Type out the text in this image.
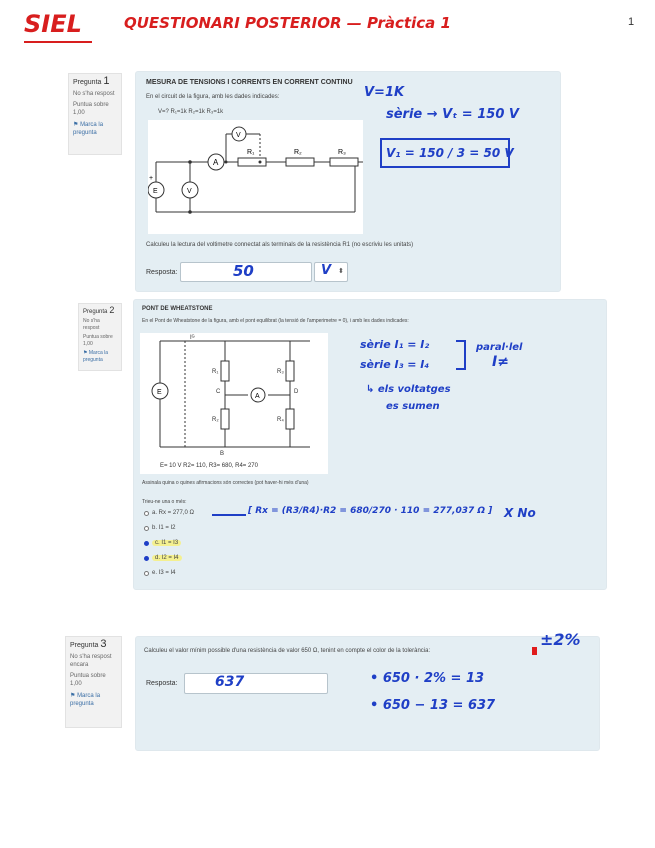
SIEL	QUESTIONARI POSTERIOR — Pràctica 1	1
Pregunta 1
No s'ha respost
Puntua sobre 1,00
⚑ Marca la pregunta
MESURA DE TENSIONS I CORRENTS EN CORRENT CONTINU
En el circuit de la figura, amb les dades indicades:
V=? R₁=1k R₂=1k R₃=1k
A
V
V
E
+
R₁	R₂	R₃
Calculeu la lectura del voltimetre connectat als terminals de la resistència R1 (no escriviu les unitats)
Resposta:	50	V ⬍
V=1K
sèrie → Vₜ = 150 V
V₁ = 150 / 3 = 50 V
Pregunta 2
No s'ha respost
Puntua sobre 1,00
⚑ Marca la pregunta
PONT DE WHEATSTONE
En el Pont de Wheatstone de la figura, amb el pont equilibrat (la tensió de l'amperimetre = 0), i amb les dades indicades:
A
E
Iᴳ
R₁
R₂
R₃
R₄
B
C	D
E= 10 V R2= 110, R3= 680, R4= 270
Assinala quina o quines afirmacions són correctes (pot haver-hi més d'una)
Trieu-ne una o més:
a. Rx = 277,0 Ω
b. I1 = I2
c. I1 = I3
d. I2 = I4
e. I3 = I4
sèrie I₁ = I₂
sèrie I₃ = I₄
paral·lel
I≠
↳ els voltatges
es sumen
[ Rx = (R3/R4)·R2 = 680/270 · 110 = 277,037 Ω ] X No
Pregunta 3
No s'ha respost encara
Puntua sobre 1,00
⚑ Marca la pregunta
Calculeu el valor mínim possible d'una resistència de valor 650 Ω, tenint en compte el color de la tolerància:
Resposta:	637
±2%
• 650 · 2% = 13
• 650 − 13 = 637
